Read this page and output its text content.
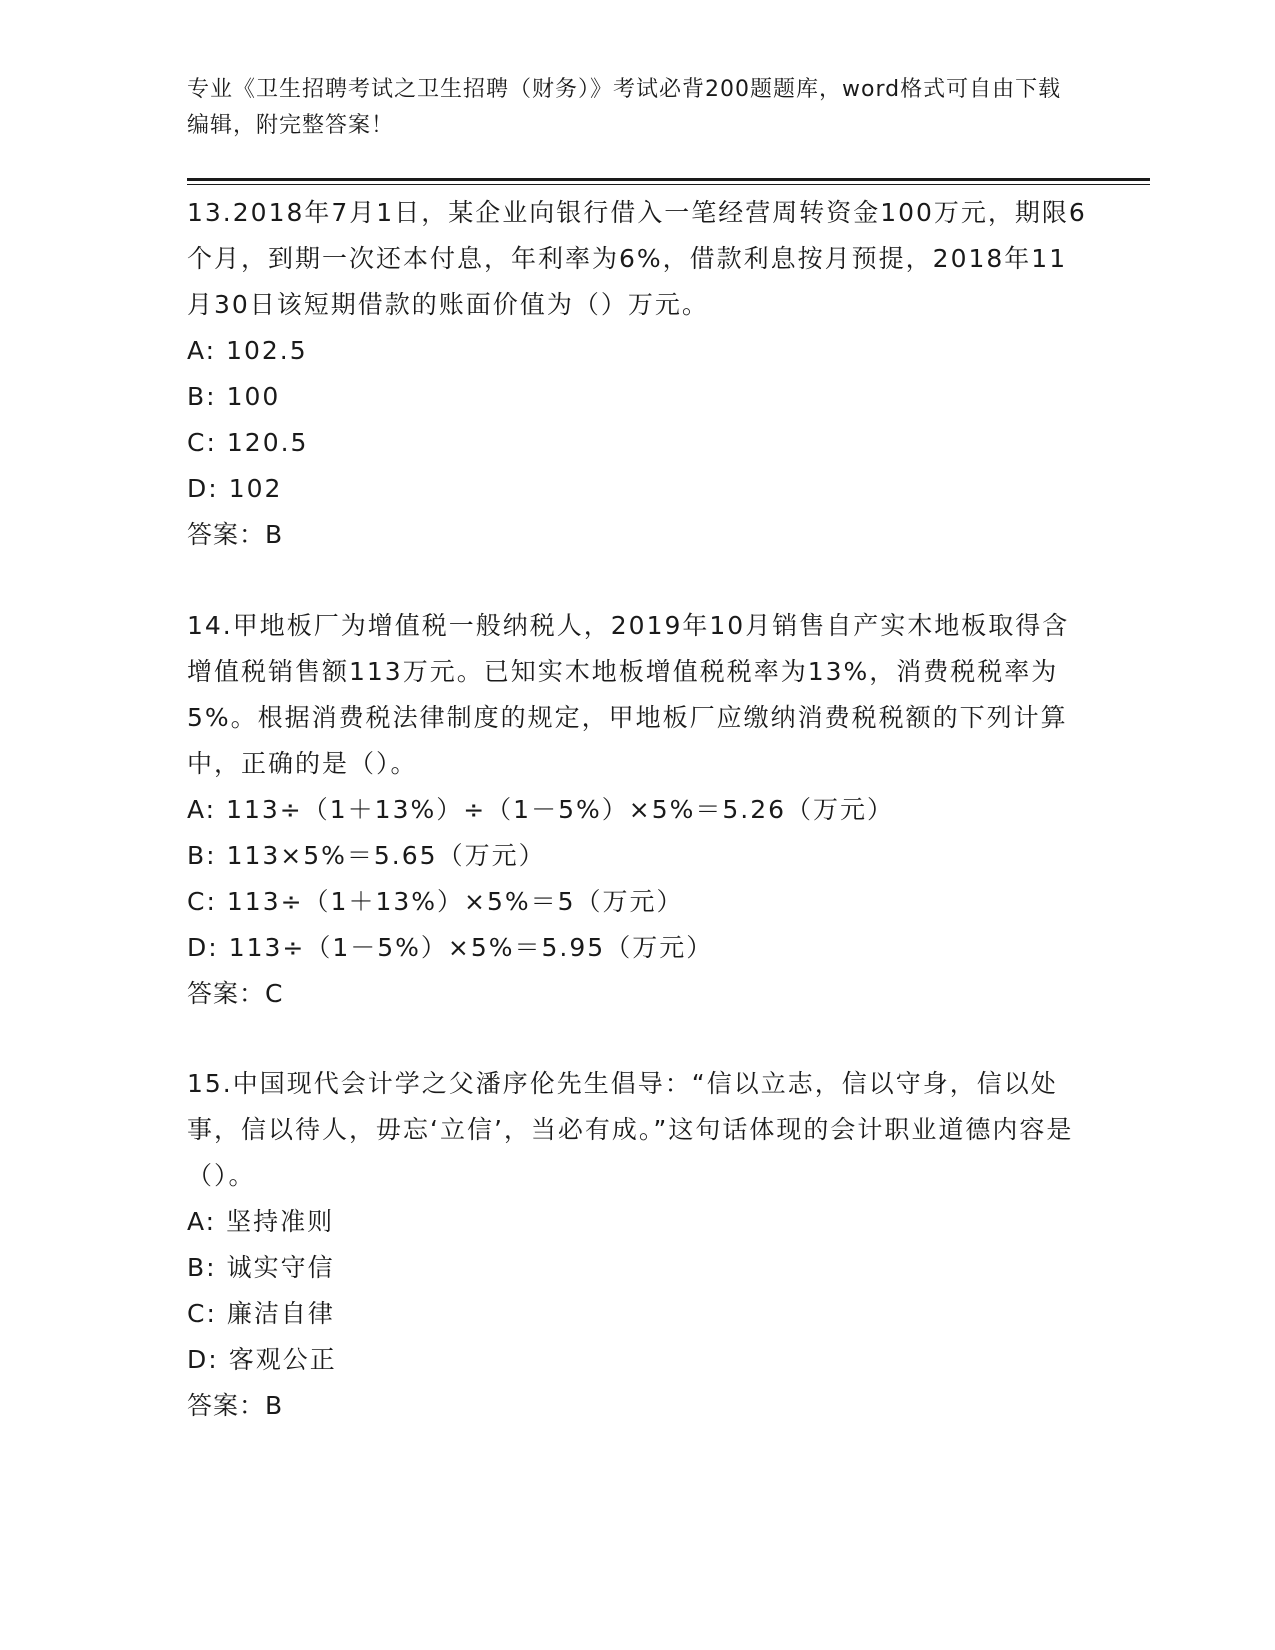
专业《卫生招聘考试之卫生招聘（财务）》考试必背200题题库，word格式可自由下载编辑，附完整答案！
13.2018年7月1日，某企业向银行借入一笔经营周转资金100万元，期限6个月，到期一次还本付息，年利率为6%，借款利息按月预提，2018年11月30日该短期借款的账面价值为（）万元。
A: 102.5
B: 100
C: 120.5
D: 102
答案：B
14.甲地板厂为增值税一般纳税人，2019年10月销售自产实木地板取得含增值税销售额113万元。已知实木地板增值税税率为13%，消费税税率为5%。根据消费税法律制度的规定，甲地板厂应缴纳消费税税额的下列计算中，正确的是（）。
A: 113÷（1＋13%）÷（1－5%）×5%＝5.26（万元）
B: 113×5%＝5.65（万元）
C: 113÷（1＋13%）×5%＝5（万元）
D: 113÷（1－5%）×5%＝5.95（万元）
答案：C
15.中国现代会计学之父潘序伦先生倡导：“信以立志，信以守身，信以处事，信以待人，毋忘‘立信’，当必有成。”这句话体现的会计职业道德内容是（）。
A: 坚持准则
B: 诚实守信
C: 廉洁自律
D: 客观公正
答案：B
